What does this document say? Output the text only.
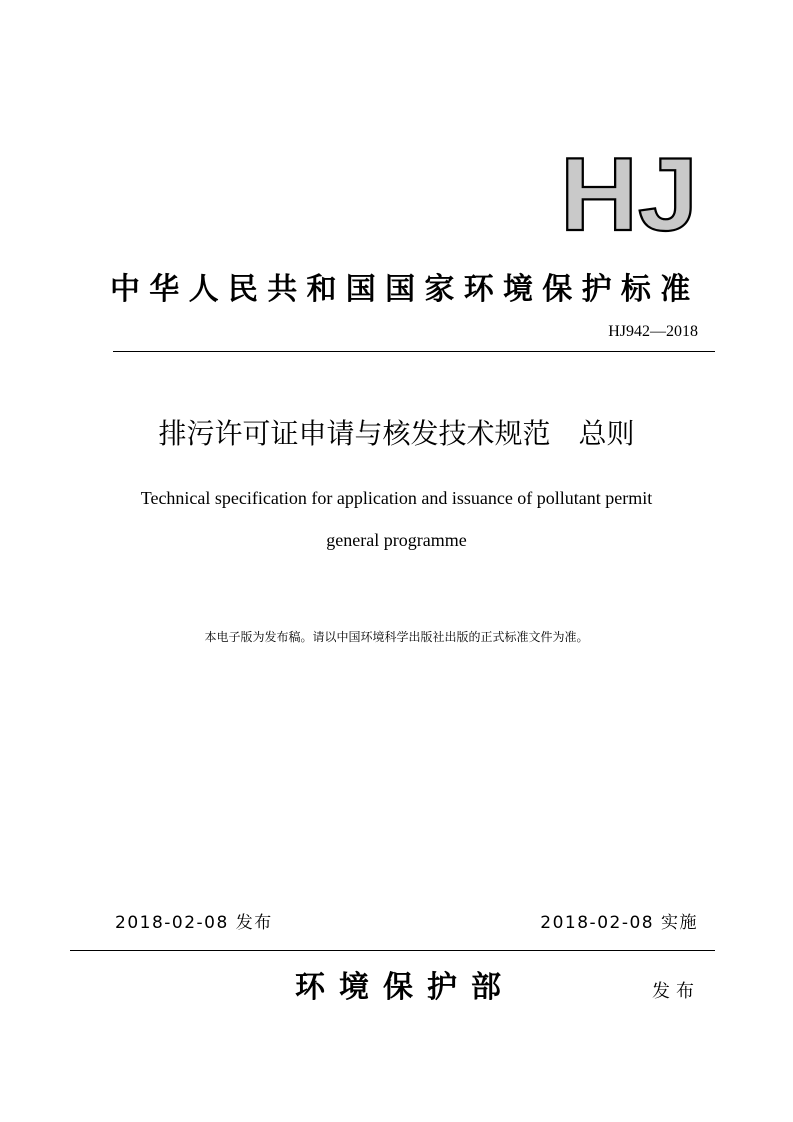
HJ
中华人民共和国国家环境保护标准
HJ942—2018
排污许可证申请与核发技术规范　总则
Technical specification for application and issuance of pollutant permit
general programme
本电子版为发布稿。请以中国环境科学出版社出版的正式标准文件为准。
2018-02-08 发布	2018-02-08 实施
环境保护部	发布
